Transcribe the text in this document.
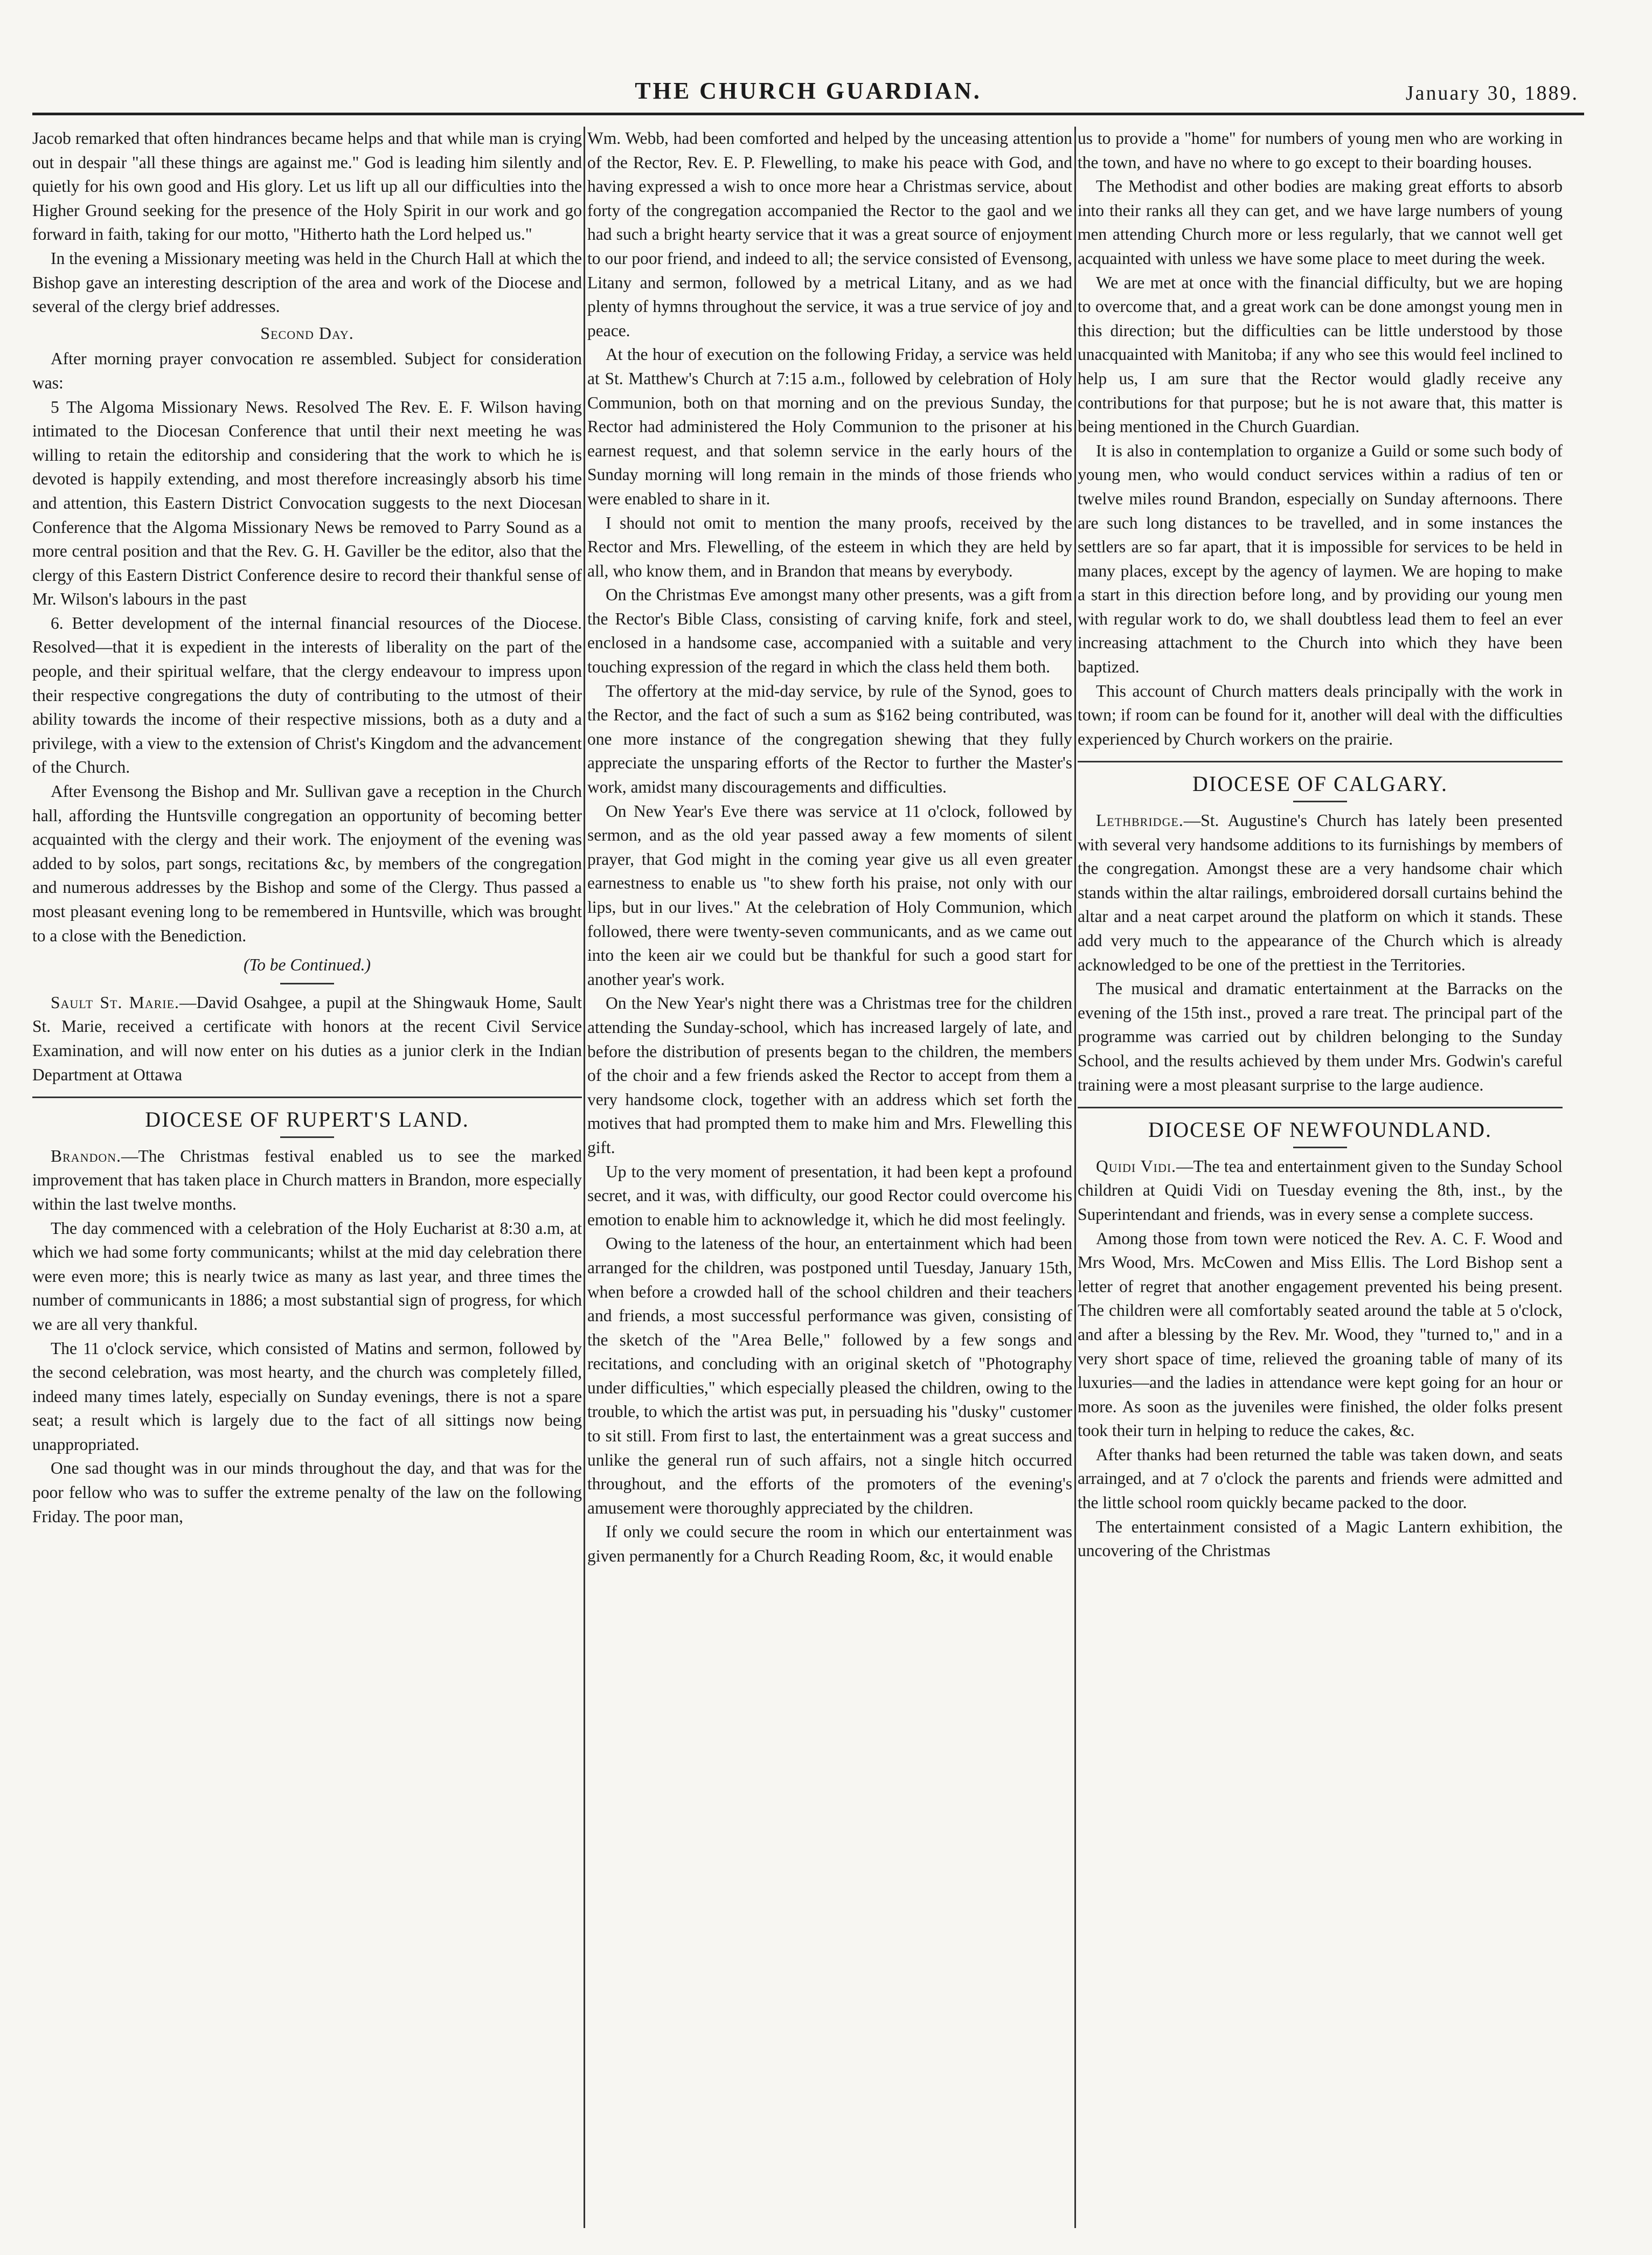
THE CHURCH GUARDIAN.	January 30, 1889.

Jacob remarked that often hindrances became helps and that while man is crying out in despair "all these things are against me." God is leading him silently and quietly for his own good and His glory. Let us lift up all our difficulties into the Higher Ground seeking for the presence of the Holy Spirit in our work and go forward in faith, taking for our motto, "Hitherto hath the Lord helped us."

In the evening a Missionary meeting was held in the Church Hall at which the Bishop gave an interesting description of the area and work of the Diocese and several of the clergy brief addresses.

Second Day.

After morning prayer convocation re assembled. Subject for consideration was:

5 The Algoma Missionary News. Resolved The Rev. E. F. Wilson having intimated to the Diocesan Conference that until their next meeting he was willing to retain the editorship and considering that the work to which he is devoted is happily extending, and most therefore increasingly absorb his time and attention, this Eastern District Convocation suggests to the next Diocesan Conference that the Algoma Missionary News be removed to Parry Sound as a more central position and that the Rev. G. H. Gaviller be the editor, also that the clergy of this Eastern District Conference desire to record their thankful sense of Mr. Wilson's labours in the past

6. Better development of the internal financial resources of the Diocese. Resolved—that it is expedient in the interests of liberality on the part of the people, and their spiritual welfare, that the clergy endeavour to impress upon their respective congregations the duty of contributing to the utmost of their ability towards the income of their respective missions, both as a duty and a privilege, with a view to the extension of Christ's Kingdom and the advancement of the Church.

After Evensong the Bishop and Mr. Sullivan gave a reception in the Church hall, affording the Huntsville congregation an opportunity of becoming better acquainted with the clergy and their work. The enjoyment of the evening was added to by solos, part songs, recitations &c, by members of the congregation and numerous addresses by the Bishop and some of the Clergy. Thus passed a most pleasant evening long to be remembered in Huntsville, which was brought to a close with the Benediction.

(To be Continued.)

Sault St. Marie.—David Osahgee, a pupil at the Shingwauk Home, Sault St. Marie, received a certificate with honors at the recent Civil Service Examination, and will now enter on his duties as a junior clerk in the Indian Department at Ottawa

DIOCESE OF RUPERT'S LAND.

Brandon.—The Christmas festival enabled us to see the marked improvement that has taken place in Church matters in Brandon, more especially within the last twelve months.

The day commenced with a celebration of the Holy Eucharist at 8:30 a.m, at which we had some forty communicants; whilst at the mid day celebration there were even more; this is nearly twice as many as last year, and three times the number of communicants in 1886; a most substantial sign of progress, for which we are all very thankful.

The 11 o'clock service, which consisted of Matins and sermon, followed by the second celebration, was most hearty, and the church was completely filled, indeed many times lately, especially on Sunday evenings, there is not a spare seat; a result which is largely due to the fact of all sittings now being unappropriated.

One sad thought was in our minds throughout the day, and that was for the poor fellow who was to suffer the extreme penalty of the law on the following Friday. The poor man,

Wm. Webb, had been comforted and helped by the unceasing attention of the Rector, Rev. E. P. Flewelling, to make his peace with God, and having expressed a wish to once more hear a Christmas service, about forty of the congregation accompanied the Rector to the gaol and we had such a bright hearty service that it was a great source of enjoyment to our poor friend, and indeed to all; the service consisted of Evensong, Litany and sermon, followed by a metrical Litany, and as we had plenty of hymns throughout the service, it was a true service of joy and peace.

At the hour of execution on the following Friday, a service was held at St. Matthew's Church at 7:15 a.m., followed by celebration of Holy Communion, both on that morning and on the previous Sunday, the Rector had administered the Holy Communion to the prisoner at his earnest request, and that solemn service in the early hours of the Sunday morning will long remain in the minds of those friends who were enabled to share in it.

I should not omit to mention the many proofs, received by the Rector and Mrs. Flewelling, of the esteem in which they are held by all, who know them, and in Brandon that means by everybody.

On the Christmas Eve amongst many other presents, was a gift from the Rector's Bible Class, consisting of carving knife, fork and steel, enclosed in a handsome case, accompanied with a suitable and very touching expression of the regard in which the class held them both.

The offertory at the mid-day service, by rule of the Synod, goes to the Rector, and the fact of such a sum as $162 being contributed, was one more instance of the congregation shewing that they fully appreciate the unsparing efforts of the Rector to further the Master's work, amidst many discouragements and difficulties.

On New Year's Eve there was service at 11 o'clock, followed by sermon, and as the old year passed away a few moments of silent prayer, that God might in the coming year give us all even greater earnestness to enable us "to shew forth his praise, not only with our lips, but in our lives." At the celebration of Holy Communion, which followed, there were twenty-seven communicants, and as we came out into the keen air we could but be thankful for such a good start for another year's work.

On the New Year's night there was a Christmas tree for the children attending the Sunday-school, which has increased largely of late, and before the distribution of presents began to the children, the members of the choir and a few friends asked the Rector to accept from them a very handsome clock, together with an address which set forth the motives that had prompted them to make him and Mrs. Flewelling this gift.

Up to the very moment of presentation, it had been kept a profound secret, and it was, with difficulty, our good Rector could overcome his emotion to enable him to acknowledge it, which he did most feelingly.

Owing to the lateness of the hour, an entertainment which had been arranged for the children, was postponed until Tuesday, January 15th, when before a crowded hall of the school children and their teachers and friends, a most successful performance was given, consisting of the sketch of the "Area Belle," followed by a few songs and recitations, and concluding with an original sketch of "Photography under difficulties," which especially pleased the children, owing to the trouble, to which the artist was put, in persuading his "dusky" customer to sit still. From first to last, the entertainment was a great success and unlike the general run of such affairs, not a single hitch occurred throughout, and the efforts of the promoters of the evening's amusement were thoroughly appreciated by the children.

If only we could secure the room in which our entertainment was given permanently for a Church Reading Room, &c, it would enable

us to provide a "home" for numbers of young men who are working in the town, and have no where to go except to their boarding houses.

The Methodist and other bodies are making great efforts to absorb into their ranks all they can get, and we have large numbers of young men attending Church more or less regularly, that we cannot well get acquainted with unless we have some place to meet during the week.

We are met at once with the financial difficulty, but we are hoping to overcome that, and a great work can be done amongst young men in this direction; but the difficulties can be little understood by those unacquainted with Manitoba; if any who see this would feel inclined to help us, I am sure that the Rector would gladly receive any contributions for that purpose; but he is not aware that, this matter is being mentioned in the Church Guardian.

It is also in contemplation to organize a Guild or some such body of young men, who would conduct services within a radius of ten or twelve miles round Brandon, especially on Sunday afternoons. There are such long distances to be travelled, and in some instances the settlers are so far apart, that it is impossible for services to be held in many places, except by the agency of laymen. We are hoping to make a start in this direction before long, and by providing our young men with regular work to do, we shall doubtless lead them to feel an ever increasing attachment to the Church into which they have been baptized.

This account of Church matters deals principally with the work in town; if room can be found for it, another will deal with the difficulties experienced by Church workers on the prairie.

DIOCESE OF CALGARY.

Lethbridge.—St. Augustine's Church has lately been presented with several very handsome additions to its furnishings by members of the congregation. Amongst these are a very handsome chair which stands within the altar railings, embroidered dorsall curtains behind the altar and a neat carpet around the platform on which it stands. These add very much to the appearance of the Church which is already acknowledged to be one of the prettiest in the Territories.

The musical and dramatic entertainment at the Barracks on the evening of the 15th inst., proved a rare treat. The principal part of the programme was carried out by children belonging to the Sunday School, and the results achieved by them under Mrs. Godwin's careful training were a most pleasant surprise to the large audience.

DIOCESE OF NEWFOUNDLAND.

Quidi Vidi.—The tea and entertainment given to the Sunday School children at Quidi Vidi on Tuesday evening the 8th, inst., by the Superintendant and friends, was in every sense a complete success.

Among those from town were noticed the Rev. A. C. F. Wood and Mrs Wood, Mrs. McCowen and Miss Ellis. The Lord Bishop sent a letter of regret that another engagement prevented his being present. The children were all comfortably seated around the table at 5 o'clock, and after a blessing by the Rev. Mr. Wood, they "turned to," and in a very short space of time, relieved the groaning table of many of its luxuries—and the ladies in attendance were kept going for an hour or more. As soon as the juveniles were finished, the older folks present took their turn in helping to reduce the cakes, &c.

After thanks had been returned the table was taken down, and seats arrainged, and at 7 o'clock the parents and friends were admitted and the little school room quickly became packed to the door.

The entertainment consisted of a Magic Lantern exhibition, the uncovering of the Christmas
